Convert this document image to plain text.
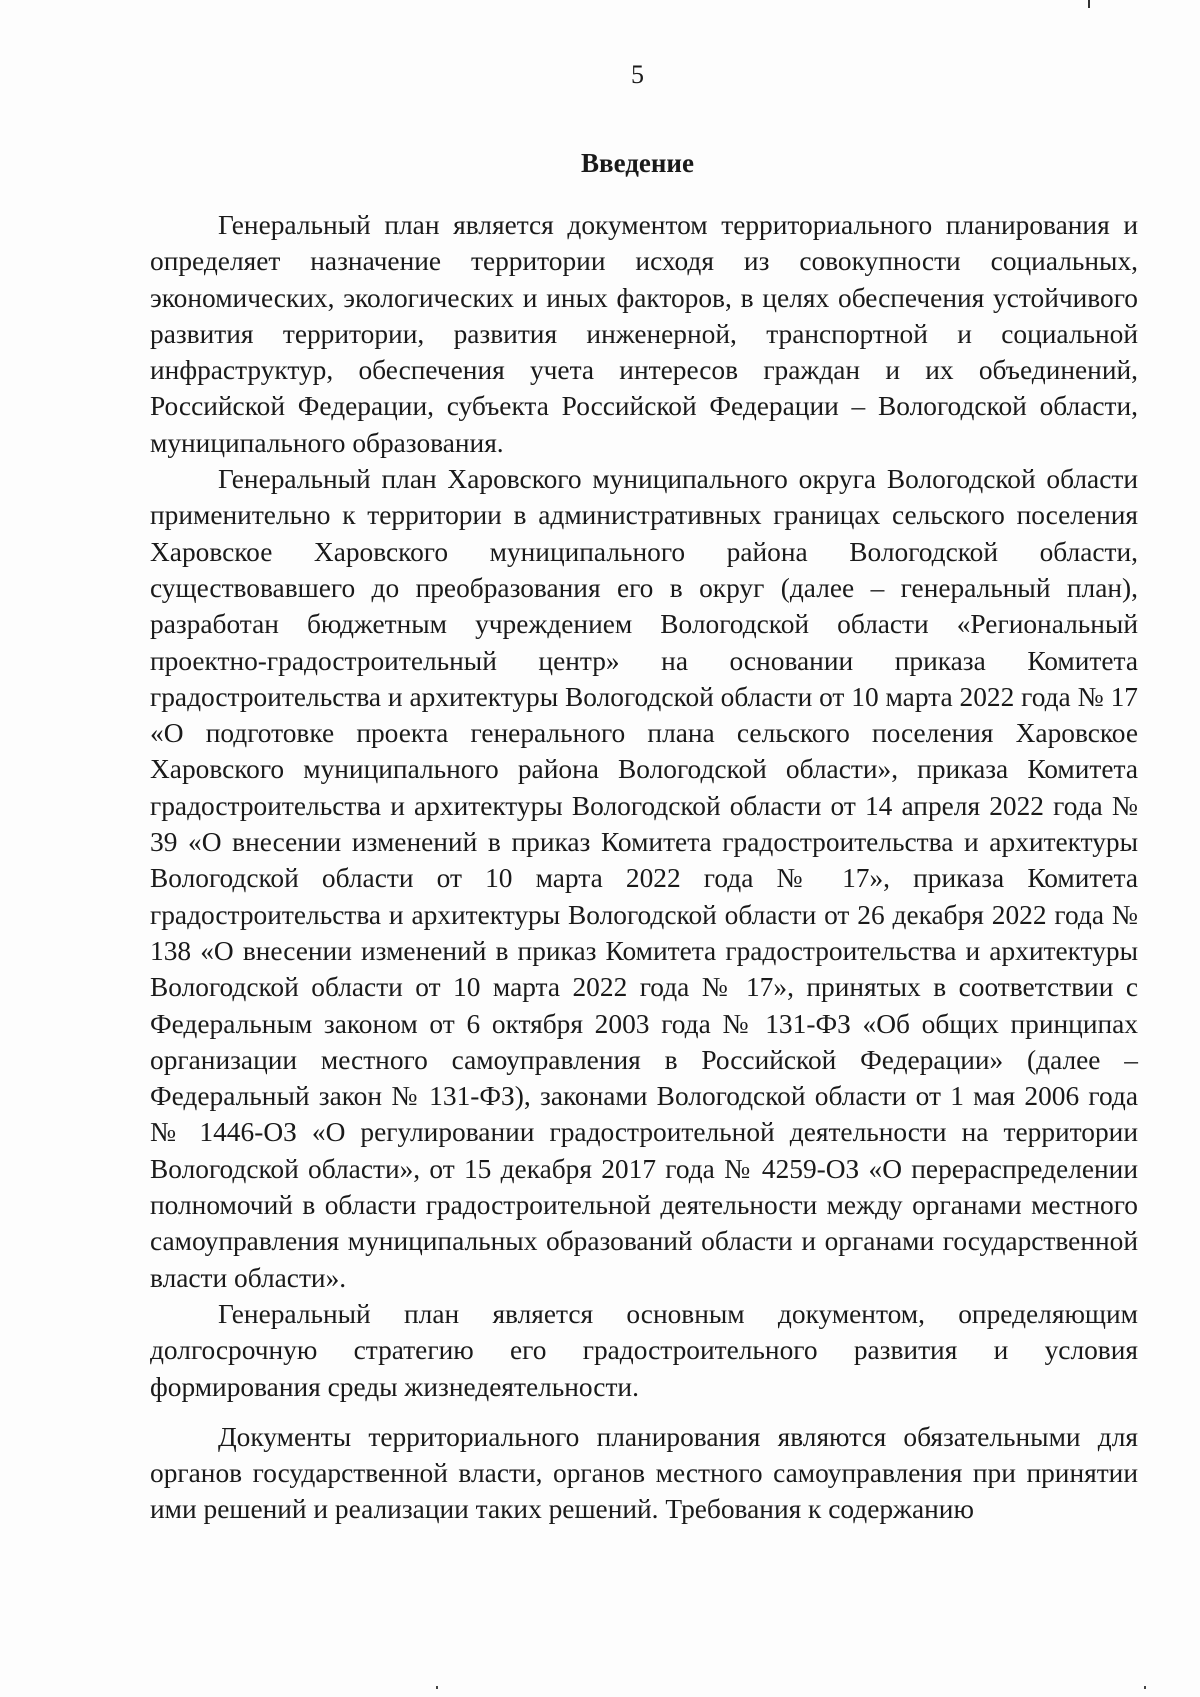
5
Введение

Генеральный план является документом территориального планирования и определяет назначение территории исходя из совокупности социальных, экономических, экологических и иных факторов, в целях обеспечения устойчивого развития территории, развития инженерной, транспортной и социальной инфраструктур, обеспечения учета интересов граждан и их объединений, Российской Федерации, субъекта Российской Федерации – Вологодской области, муниципального образования.

Генеральный план Харовского муниципального округа Вологодской области применительно к территории в административных границах сельского поселения Харовское Харовского муниципального района Вологодской области, существовавшего до преобразования его в округ (далее – генеральный план), разработан бюджетным учреждением Вологодской области «Региональный проектно-градостроительный центр» на основании приказа Комитета градостроительства и архитектуры Вологодской области от 10 марта 2022 года № 17 «О подготовке проекта генерального плана сельского поселения Харовское Харовского муниципального района Вологодской области», приказа Комитета градостроительства и архитектуры Вологодской области от 14 апреля 2022 года № 39 «О внесении изменений в приказ Комитета градостроительства и архитектуры Вологодской области от 10 марта 2022 года № 17», приказа Комитета градостроительства и архитектуры Вологодской области от 26 декабря 2022 года № 138 «О внесении изменений в приказ Комитета градостроительства и архитектуры Вологодской области от 10 марта 2022 года № 17», принятых в соответствии с Федеральным законом от 6 октября 2003 года № 131-ФЗ «Об общих принципах организации местного самоуправления в Российской Федерации» (далее – Федеральный закон № 131-ФЗ), законами Вологодской области от 1 мая 2006 года № 1446-ОЗ «О регулировании градостроительной деятельности на территории Вологодской области», от 15 декабря 2017 года № 4259-ОЗ «О перераспределении полномочий в области градостроительной деятельности между органами местного самоуправления муниципальных образований области и органами государственной власти области».

Генеральный план является основным документом, определяющим долгосрочную стратегию его градостроительного развития и условия формирования среды жизнедеятельности.

Документы территориального планирования являются обязательными для органов государственной власти, органов местного самоуправления при принятии ими решений и реализации таких решений. Требования к содержанию
